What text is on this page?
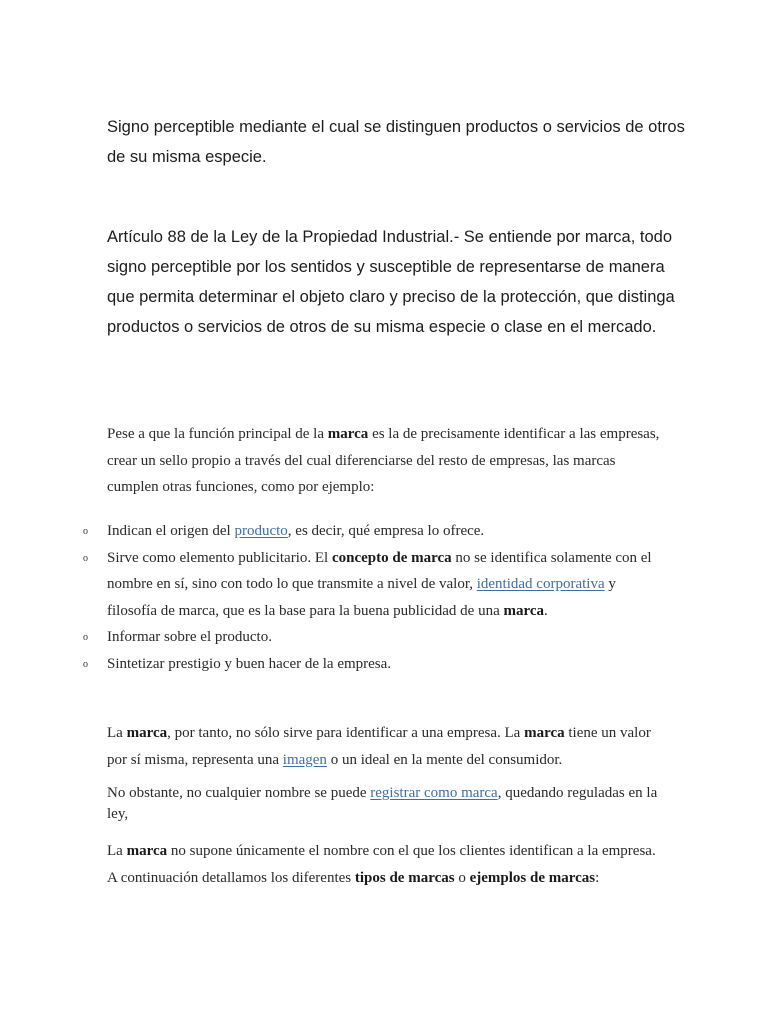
Signo perceptible mediante el cual se distinguen productos o servicios de otros de su misma especie.

Artículo 88 de la Ley de la Propiedad Industrial.- Se entiende por marca, todo signo perceptible por los sentidos y susceptible de representarse de manera que permita determinar el objeto claro y preciso de la protección, que distinga productos o servicios de otros de su misma especie o clase en el mercado.

Pese a que la función principal de la marca es la de precisamente identificar a las empresas, crear un sello propio a través del cual diferenciarse del resto de empresas, las marcas cumplen otras funciones, como por ejemplo:

o Indican el origen del producto, es decir, qué empresa lo ofrece.
o Sirve como elemento publicitario. El concepto de marca no se identifica solamente con el nombre en sí, sino con todo lo que transmite a nivel de valor, identidad corporativa y filosofía de marca, que es la base para la buena publicidad de una marca.
o Informar sobre el producto.
o Sintetizar prestigio y buen hacer de la empresa.

La marca, por tanto, no sólo sirve para identificar a una empresa. La marca tiene un valor por sí misma, representa una imagen o un ideal en la mente del consumidor.

No obstante, no cualquier nombre se puede registrar como marca, quedando reguladas en la ley,

La marca no supone únicamente el nombre con el que los clientes identifican a la empresa. A continuación detallamos los diferentes tipos de marcas o ejemplos de marcas:
